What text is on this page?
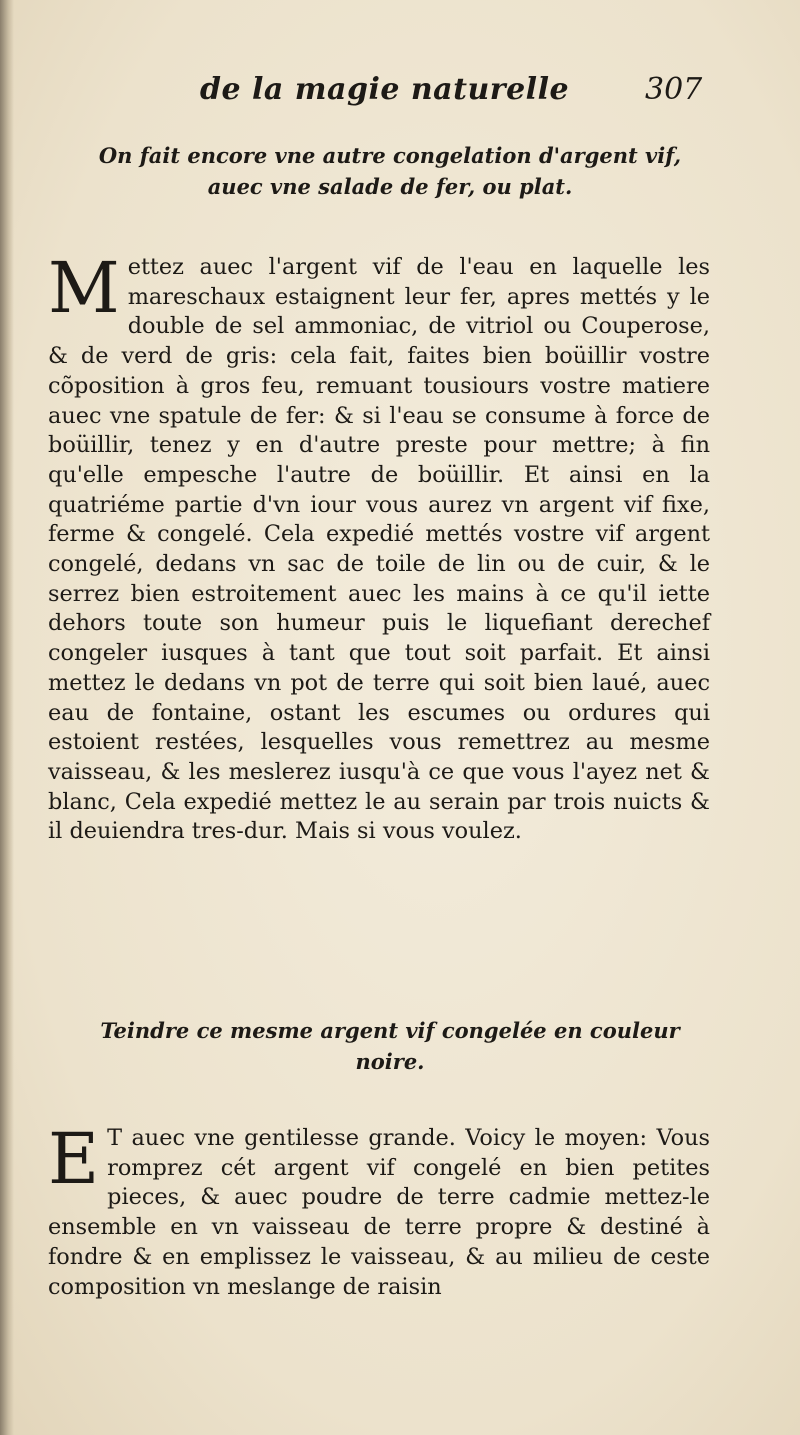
de la magie naturelle	307
On fait encore vne autre congelation d'argent vif, auec vne salade de fer, ou plat.

Mettez auec l'argent vif de l'eau en laquelle les mareschaux estaignent leur fer, apres mettés y le double de sel ammoniac, de vitriol ou Couperose, & de verd de gris: cela fait, faites bien boüillir vostre cõposition à gros feu, remuant tousiours vostre matiere auec vne spatule de fer: & si l'eau se consume à force de boüillir, tenez y en d'autre preste pour mettre; à fin qu'elle empesche l'autre de boüillir. Et ainsi en la quatriéme partie d'vn iour vous aurez vn argent vif fixe, ferme & congelé. Cela expedié mettés vostre vif argent congelé, dedans vn sac de toile de lin ou de cuir, & le serrez bien estroitement auec les mains à ce qu'il iette dehors toute son humeur puis le liquefiant derechef congeler iusques à tant que tout soit parfait. Et ainsi mettez le dedans vn pot de terre qui soit bien laué, auec eau de fontaine, ostant les escumes ou ordures qui estoient restées, lesquelles vous remettrez au mesme vaisseau, & les meslerez iusqu'à ce que vous l'ayez net & blanc, Cela expedié mettez le au serain par trois nuicts & il deuiendra tres-dur. Mais si vous voulez.

Teindre ce mesme argent vif congelée en couleur noire.

ET auec vne gentilesse grande. Voicy le moyen: Vous romprez cét argent vif congelé en bien petites pieces, & auec poudre de terre cadmie mettez-le ensemble en vn vaisseau de terre propre & destiné à fondre & en emplissez le vaisseau, & au milieu de ceste composition vn meslange de raisin
